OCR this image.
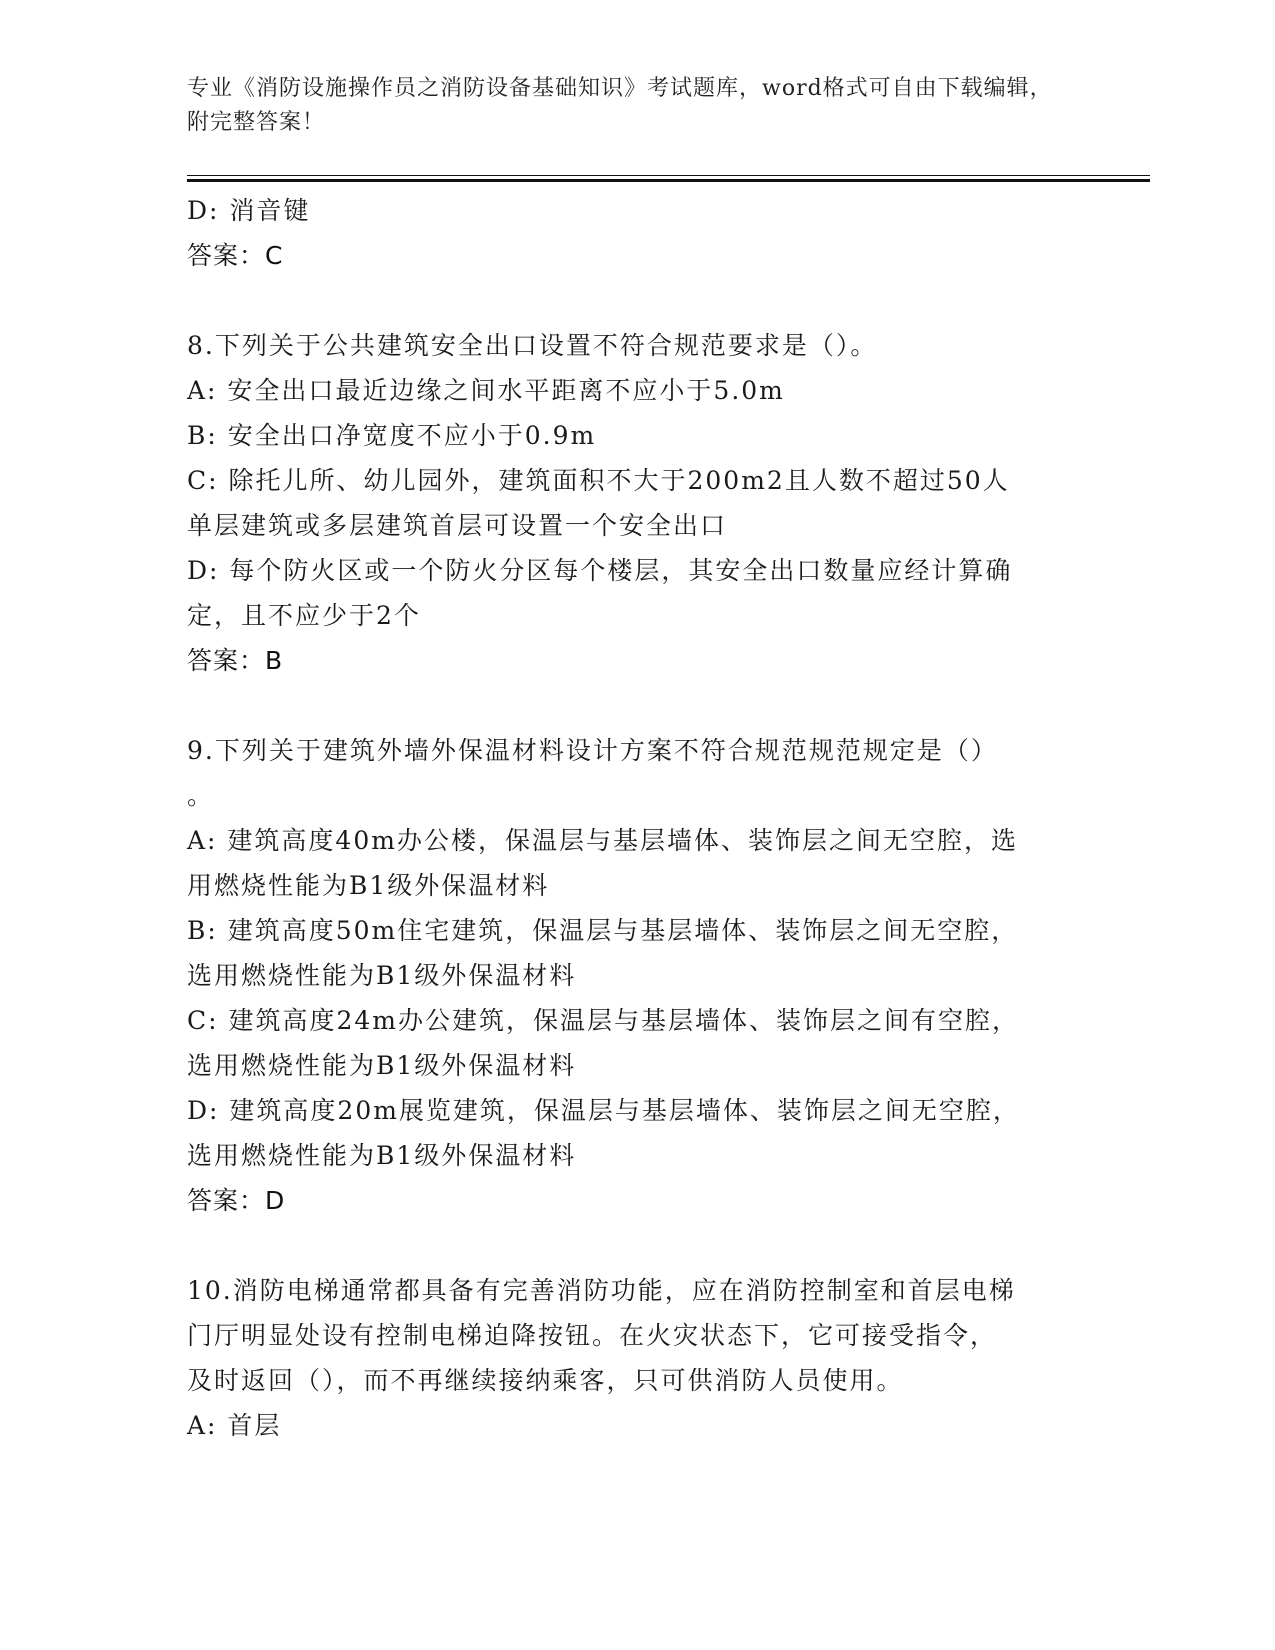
专业《消防设施操作员之消防设备基础知识》考试题库，word格式可自由下载编辑，附完整答案！
D: 消音键
答案：C
8.下列关于公共建筑安全出口设置不符合规范要求是（）。
A: 安全出口最近边缘之间水平距离不应小于5.0m
B: 安全出口净宽度不应小于0.9m
C: 除托儿所、幼儿园外，建筑面积不大于200m2且人数不超过50人
单层建筑或多层建筑首层可设置一个安全出口
D: 每个防火区或一个防火分区每个楼层，其安全出口数量应经计算确
定，且不应少于2个
答案：B
9.下列关于建筑外墙外保温材料设计方案不符合规范规范规定是（）
。
A: 建筑高度40m办公楼，保温层与基层墙体、装饰层之间无空腔，选
用燃烧性能为B1级外保温材料
B: 建筑高度50m住宅建筑，保温层与基层墙体、装饰层之间无空腔，
选用燃烧性能为B1级外保温材料
C: 建筑高度24m办公建筑，保温层与基层墙体、装饰层之间有空腔，
选用燃烧性能为B1级外保温材料
D: 建筑高度20m展览建筑，保温层与基层墙体、装饰层之间无空腔，
选用燃烧性能为B1级外保温材料
答案：D
10.消防电梯通常都具备有完善消防功能，应在消防控制室和首层电梯
门厅明显处设有控制电梯迫降按钮。在火灾状态下，它可接受指令，
及时返回（），而不再继续接纳乘客，只可供消防人员使用。
A: 首层
